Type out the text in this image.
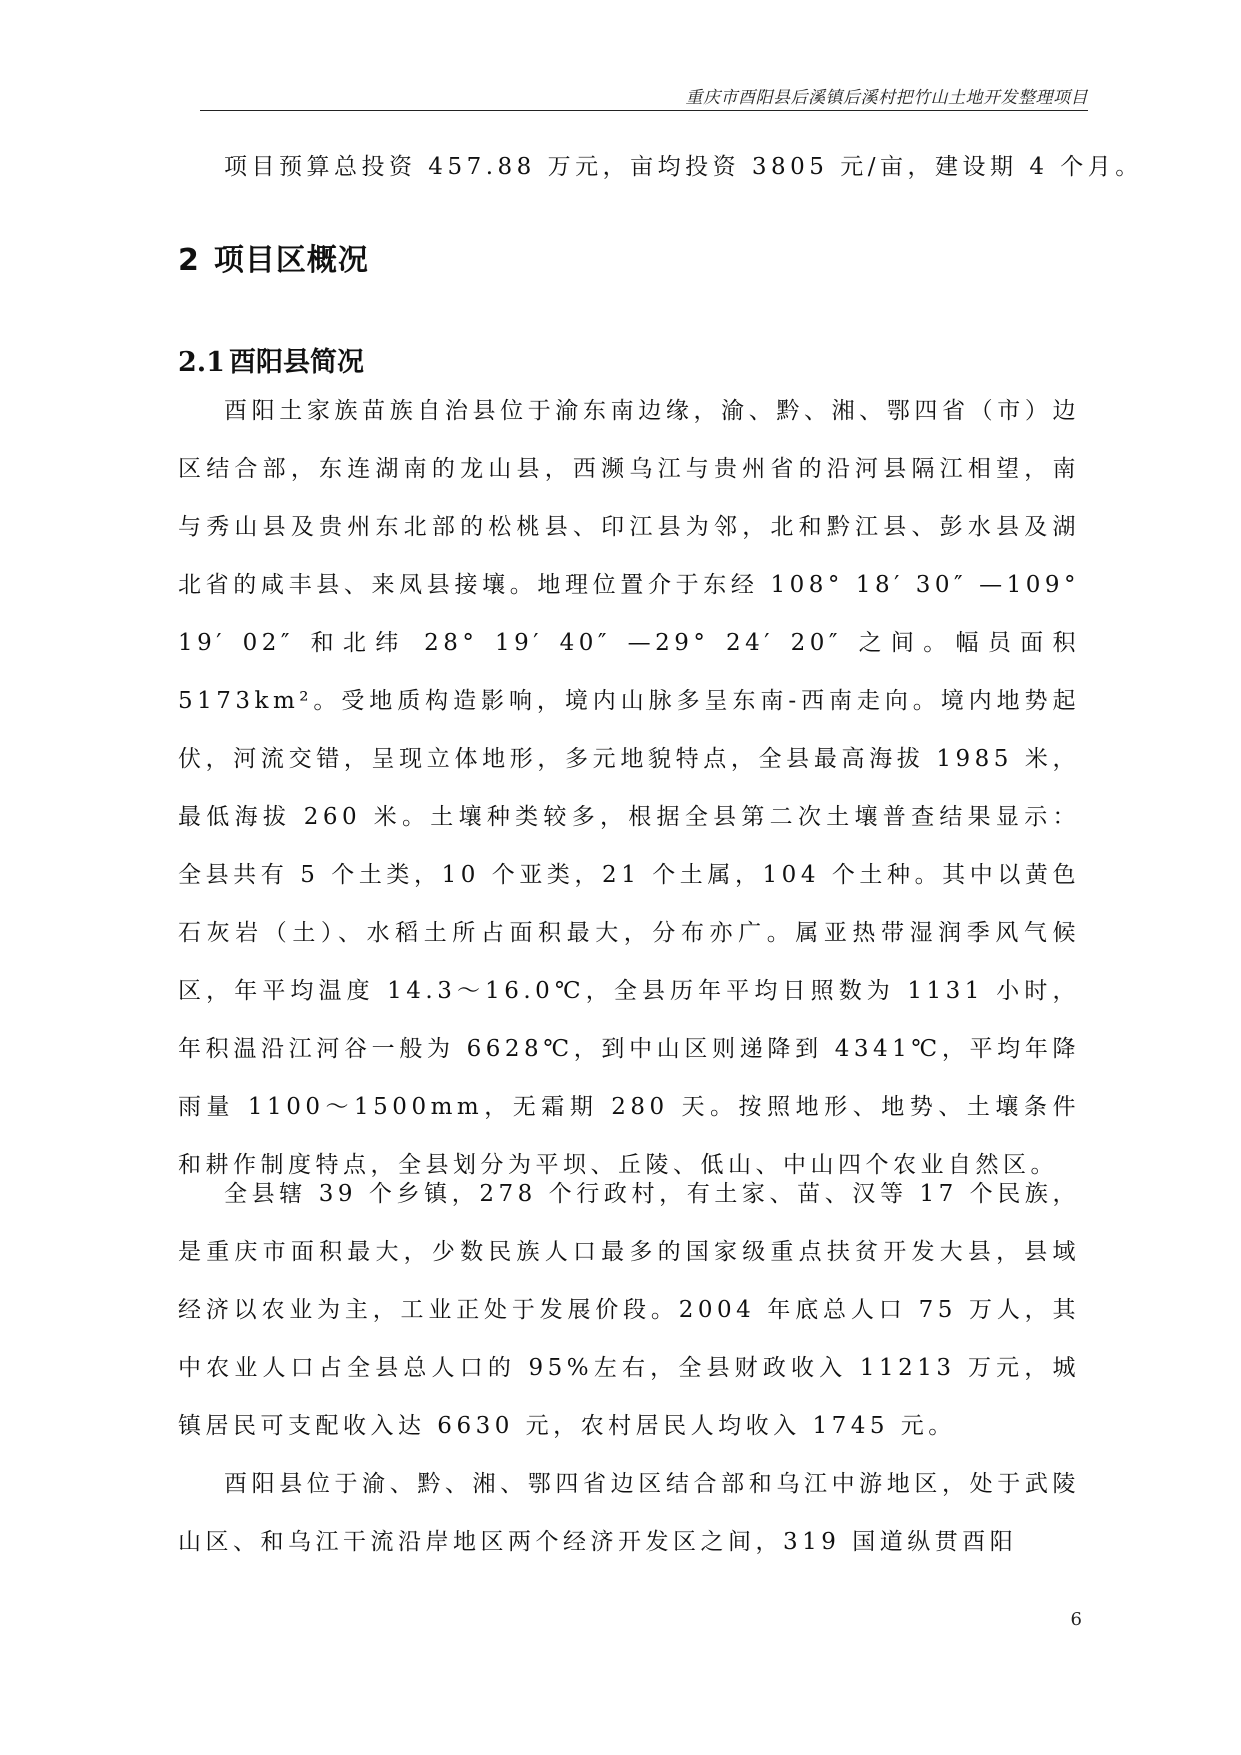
重庆市酉阳县后溪镇后溪村把竹山土地开发整理项目
项目预算总投资 457.88 万元，亩均投资 3805 元/亩，建设期 4 个月。
2 项目区概况
2.1 酉阳县简况

酉阳土家族苗族自治县位于渝东南边缘，渝、黔、湘、鄂四省（市）边区结合部，东连湖南的龙山县，西濒乌江与贵州省的沿河县隔江相望，南与秀山县及贵州东北部的松桃县、印江县为邻，北和黔江县、彭水县及湖北省的咸丰县、来凤县接壤。地理位置介于东经 108° 18′ 30″ —109° 19′ 02″ 和北纬 28° 19′ 40″ —29° 24′ 20″ 之间。幅员面积 5173km²。受地质构造影响，境内山脉多呈东南-西南走向。境内地势起伏，河流交错，呈现立体地形，多元地貌特点，全县最高海拔 1985 米，最低海拔 260 米。土壤种类较多，根据全县第二次土壤普查结果显示：全县共有 5 个土类，10 个亚类，21 个土属，104 个土种。其中以黄色石灰岩（土）、水稻土所占面积最大，分布亦广。属亚热带湿润季风气候区，年平均温度 14.3～16.0℃，全县历年平均日照数为 1131 小时，年积温沿江河谷一般为 6628℃，到中山区则递降到 4341℃，平均年降雨量 1100～1500mm，无霜期 280 天。按照地形、地势、土壤条件和耕作制度特点，全县划分为平坝、丘陵、低山、中山四个农业自然区。

全县辖 39 个乡镇，278 个行政村，有土家、苗、汉等 17 个民族，是重庆市面积最大，少数民族人口最多的国家级重点扶贫开发大县，县域经济以农业为主，工业正处于发展价段。2004 年底总人口 75 万人，其中农业人口占全县总人口的 95%左右，全县财政收入 11213 万元，城镇居民可支配收入达 6630 元，农村居民人均收入 1745 元。

酉阳县位于渝、黔、湘、鄂四省边区结合部和乌江中游地区，处于武陵山区、和乌江干流沿岸地区两个经济开发区之间，319 国道纵贯酉阳

6
